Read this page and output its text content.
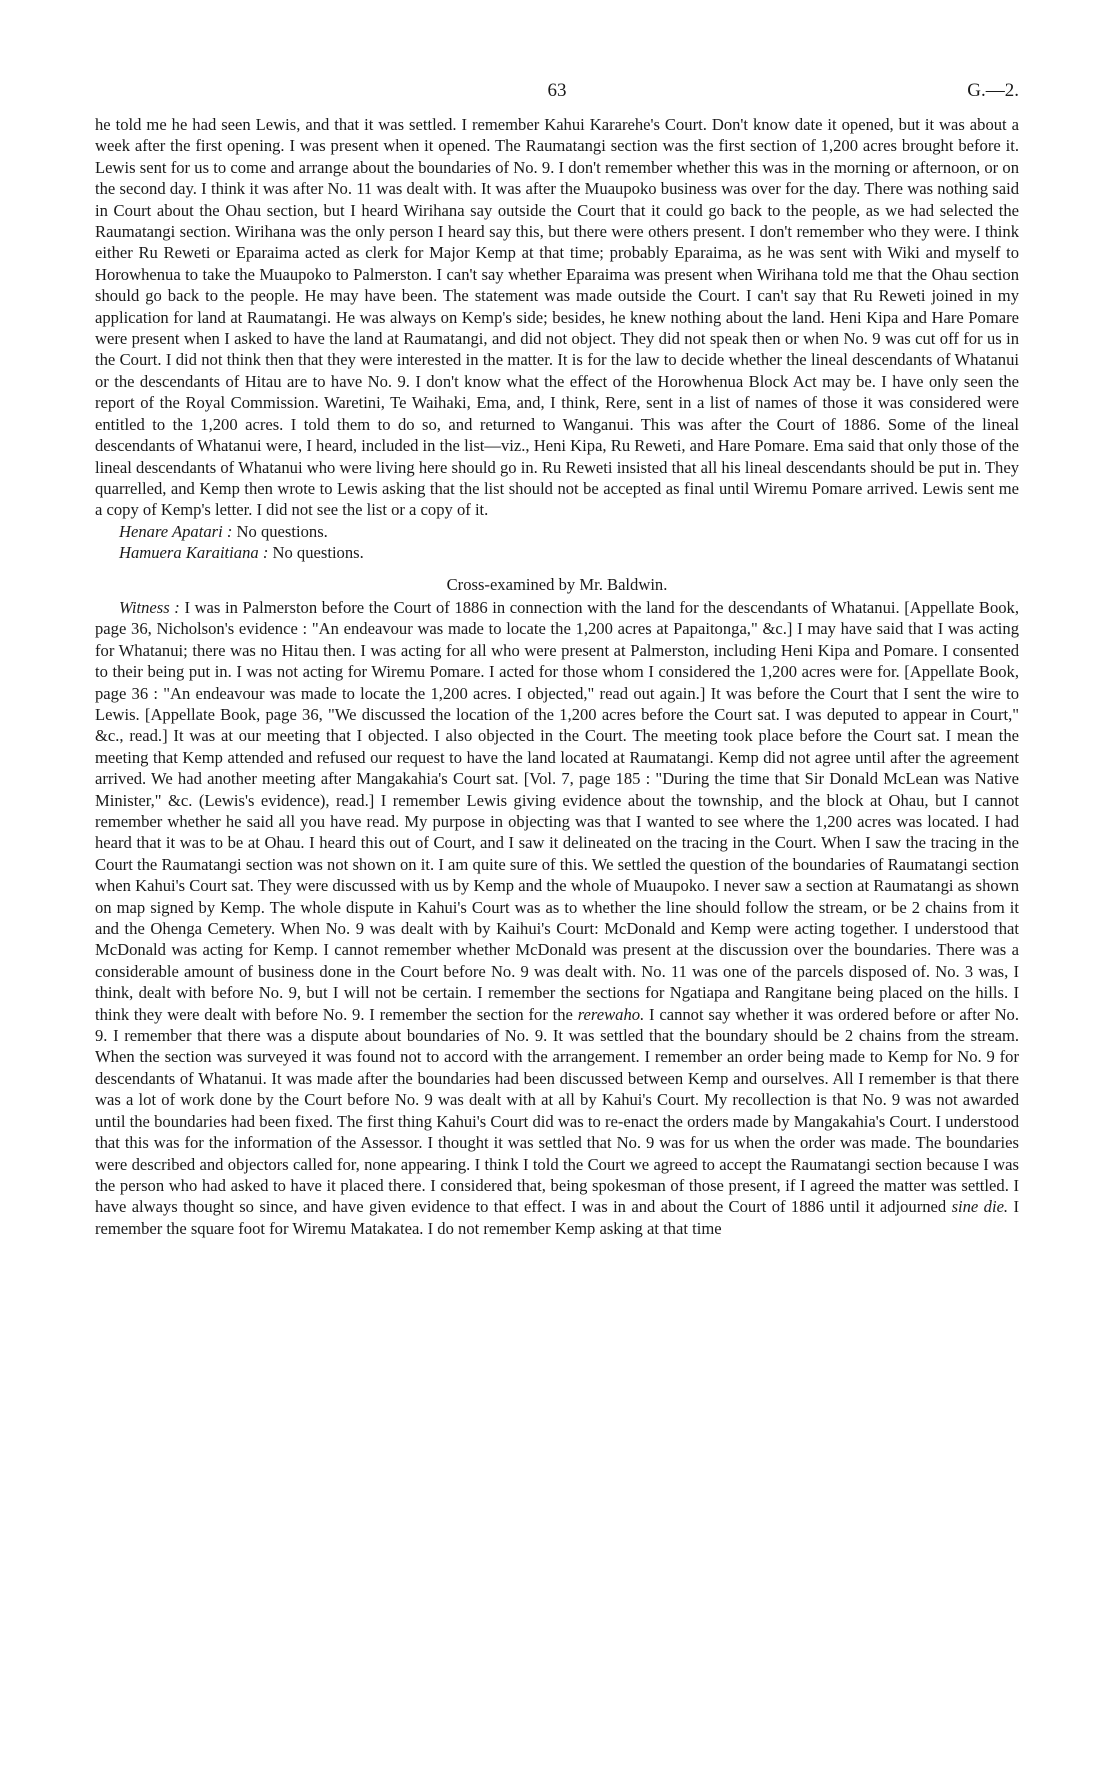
63	G.—2.

he told me he had seen Lewis, and that it was settled. I remember Kahui Kararehe's Court. Don't know date it opened, but it was about a week after the first opening. I was present when it opened. The Raumatangi section was the first section of 1,200 acres brought before it. Lewis sent for us to come and arrange about the boundaries of No. 9. I don't remember whether this was in the morning or afternoon, or on the second day. I think it was after No. 11 was dealt with. It was after the Muaupoko business was over for the day. There was nothing said in Court about the Ohau section, but I heard Wirihana say outside the Court that it could go back to the people, as we had selected the Raumatangi section. Wirihana was the only person I heard say this, but there were others present. I don't remember who they were. I think either Ru Reweti or Eparaima acted as clerk for Major Kemp at that time; probably Eparaima, as he was sent with Wiki and myself to Horowhenua to take the Muaupoko to Palmerston. I can't say whether Eparaima was present when Wirihana told me that the Ohau section should go back to the people. He may have been. The statement was made outside the Court. I can't say that Ru Reweti joined in my application for land at Raumatangi. He was always on Kemp's side; besides, he knew nothing about the land. Heni Kipa and Hare Pomare were present when I asked to have the land at Raumatangi, and did not object. They did not speak then or when No. 9 was cut off for us in the Court. I did not think then that they were interested in the matter. It is for the law to decide whether the lineal descendants of Whatanui or the descendants of Hitau are to have No. 9. I don't know what the effect of the Horowhenua Block Act may be. I have only seen the report of the Royal Commission. Waretini, Te Waihaki, Ema, and, I think, Rere, sent in a list of names of those it was considered were entitled to the 1,200 acres. I told them to do so, and returned to Wanganui. This was after the Court of 1886. Some of the lineal descendants of Whatanui were, I heard, included in the list—viz., Heni Kipa, Ru Reweti, and Hare Pomare. Ema said that only those of the lineal descendants of Whatanui who were living here should go in. Ru Reweti insisted that all his lineal descendants should be put in. They quarrelled, and Kemp then wrote to Lewis asking that the list should not be accepted as final until Wiremu Pomare arrived. Lewis sent me a copy of Kemp's letter. I did not see the list or a copy of it.

Henare Apatari : No questions.

Hamuera Karaitiana : No questions.

Cross-examined by Mr. Baldwin.

Witness : I was in Palmerston before the Court of 1886 in connection with the land for the descendants of Whatanui. [Appellate Book, page 36, Nicholson's evidence : "An endeavour was made to locate the 1,200 acres at Papaitonga," &c.] I may have said that I was acting for Whatanui; there was no Hitau then. I was acting for all who were present at Palmerston, including Heni Kipa and Pomare. I consented to their being put in. I was not acting for Wiremu Pomare. I acted for those whom I considered the 1,200 acres were for. [Appellate Book, page 36 : "An endeavour was made to locate the 1,200 acres. I objected," read out again.] It was before the Court that I sent the wire to Lewis. [Appellate Book, page 36, "We discussed the location of the 1,200 acres before the Court sat. I was deputed to appear in Court," &c., read.] It was at our meeting that I objected. I also objected in the Court. The meeting took place before the Court sat. I mean the meeting that Kemp attended and refused our request to have the land located at Raumatangi. Kemp did not agree until after the agreement arrived. We had another meeting after Mangakahia's Court sat. [Vol. 7, page 185 : "During the time that Sir Donald McLean was Native Minister," &c. (Lewis's evidence), read.] I remember Lewis giving evidence about the township, and the block at Ohau, but I cannot remember whether he said all you have read. My purpose in objecting was that I wanted to see where the 1,200 acres was located. I had heard that it was to be at Ohau. I heard this out of Court, and I saw it delineated on the tracing in the Court. When I saw the tracing in the Court the Raumatangi section was not shown on it. I am quite sure of this. We settled the question of the boundaries of Raumatangi section when Kahui's Court sat. They were discussed with us by Kemp and the whole of Muaupoko. I never saw a section at Raumatangi as shown on map signed by Kemp. The whole dispute in Kahui's Court was as to whether the line should follow the stream, or be 2 chains from it and the Ohenga Cemetery. When No. 9 was dealt with by Kaihui's Court: McDonald and Kemp were acting together. I understood that McDonald was acting for Kemp. I cannot remember whether McDonald was present at the discussion over the boundaries. There was a considerable amount of business done in the Court before No. 9 was dealt with. No. 11 was one of the parcels disposed of. No. 3 was, I think, dealt with before No. 9, but I will not be certain. I remember the sections for Ngatiapa and Rangitane being placed on the hills. I think they were dealt with before No. 9. I remember the section for the rerewaho. I cannot say whether it was ordered before or after No. 9. I remember that there was a dispute about boundaries of No. 9. It was settled that the boundary should be 2 chains from the stream. When the section was surveyed it was found not to accord with the arrangement. I remember an order being made to Kemp for No. 9 for descendants of Whatanui. It was made after the boundaries had been discussed between Kemp and ourselves. All I remember is that there was a lot of work done by the Court before No. 9 was dealt with at all by Kahui's Court. My recollection is that No. 9 was not awarded until the boundaries had been fixed. The first thing Kahui's Court did was to re-enact the orders made by Mangakahia's Court. I understood that this was for the information of the Assessor. I thought it was settled that No. 9 was for us when the order was made. The boundaries were described and objectors called for, none appearing. I think I told the Court we agreed to accept the Raumatangi section because I was the person who had asked to have it placed there. I considered that, being spokesman of those present, if I agreed the matter was settled. I have always thought so since, and have given evidence to that effect. I was in and about the Court of 1886 until it adjourned sine die. I remember the square foot for Wiremu Matakatea. I do not remember Kemp asking at that time
